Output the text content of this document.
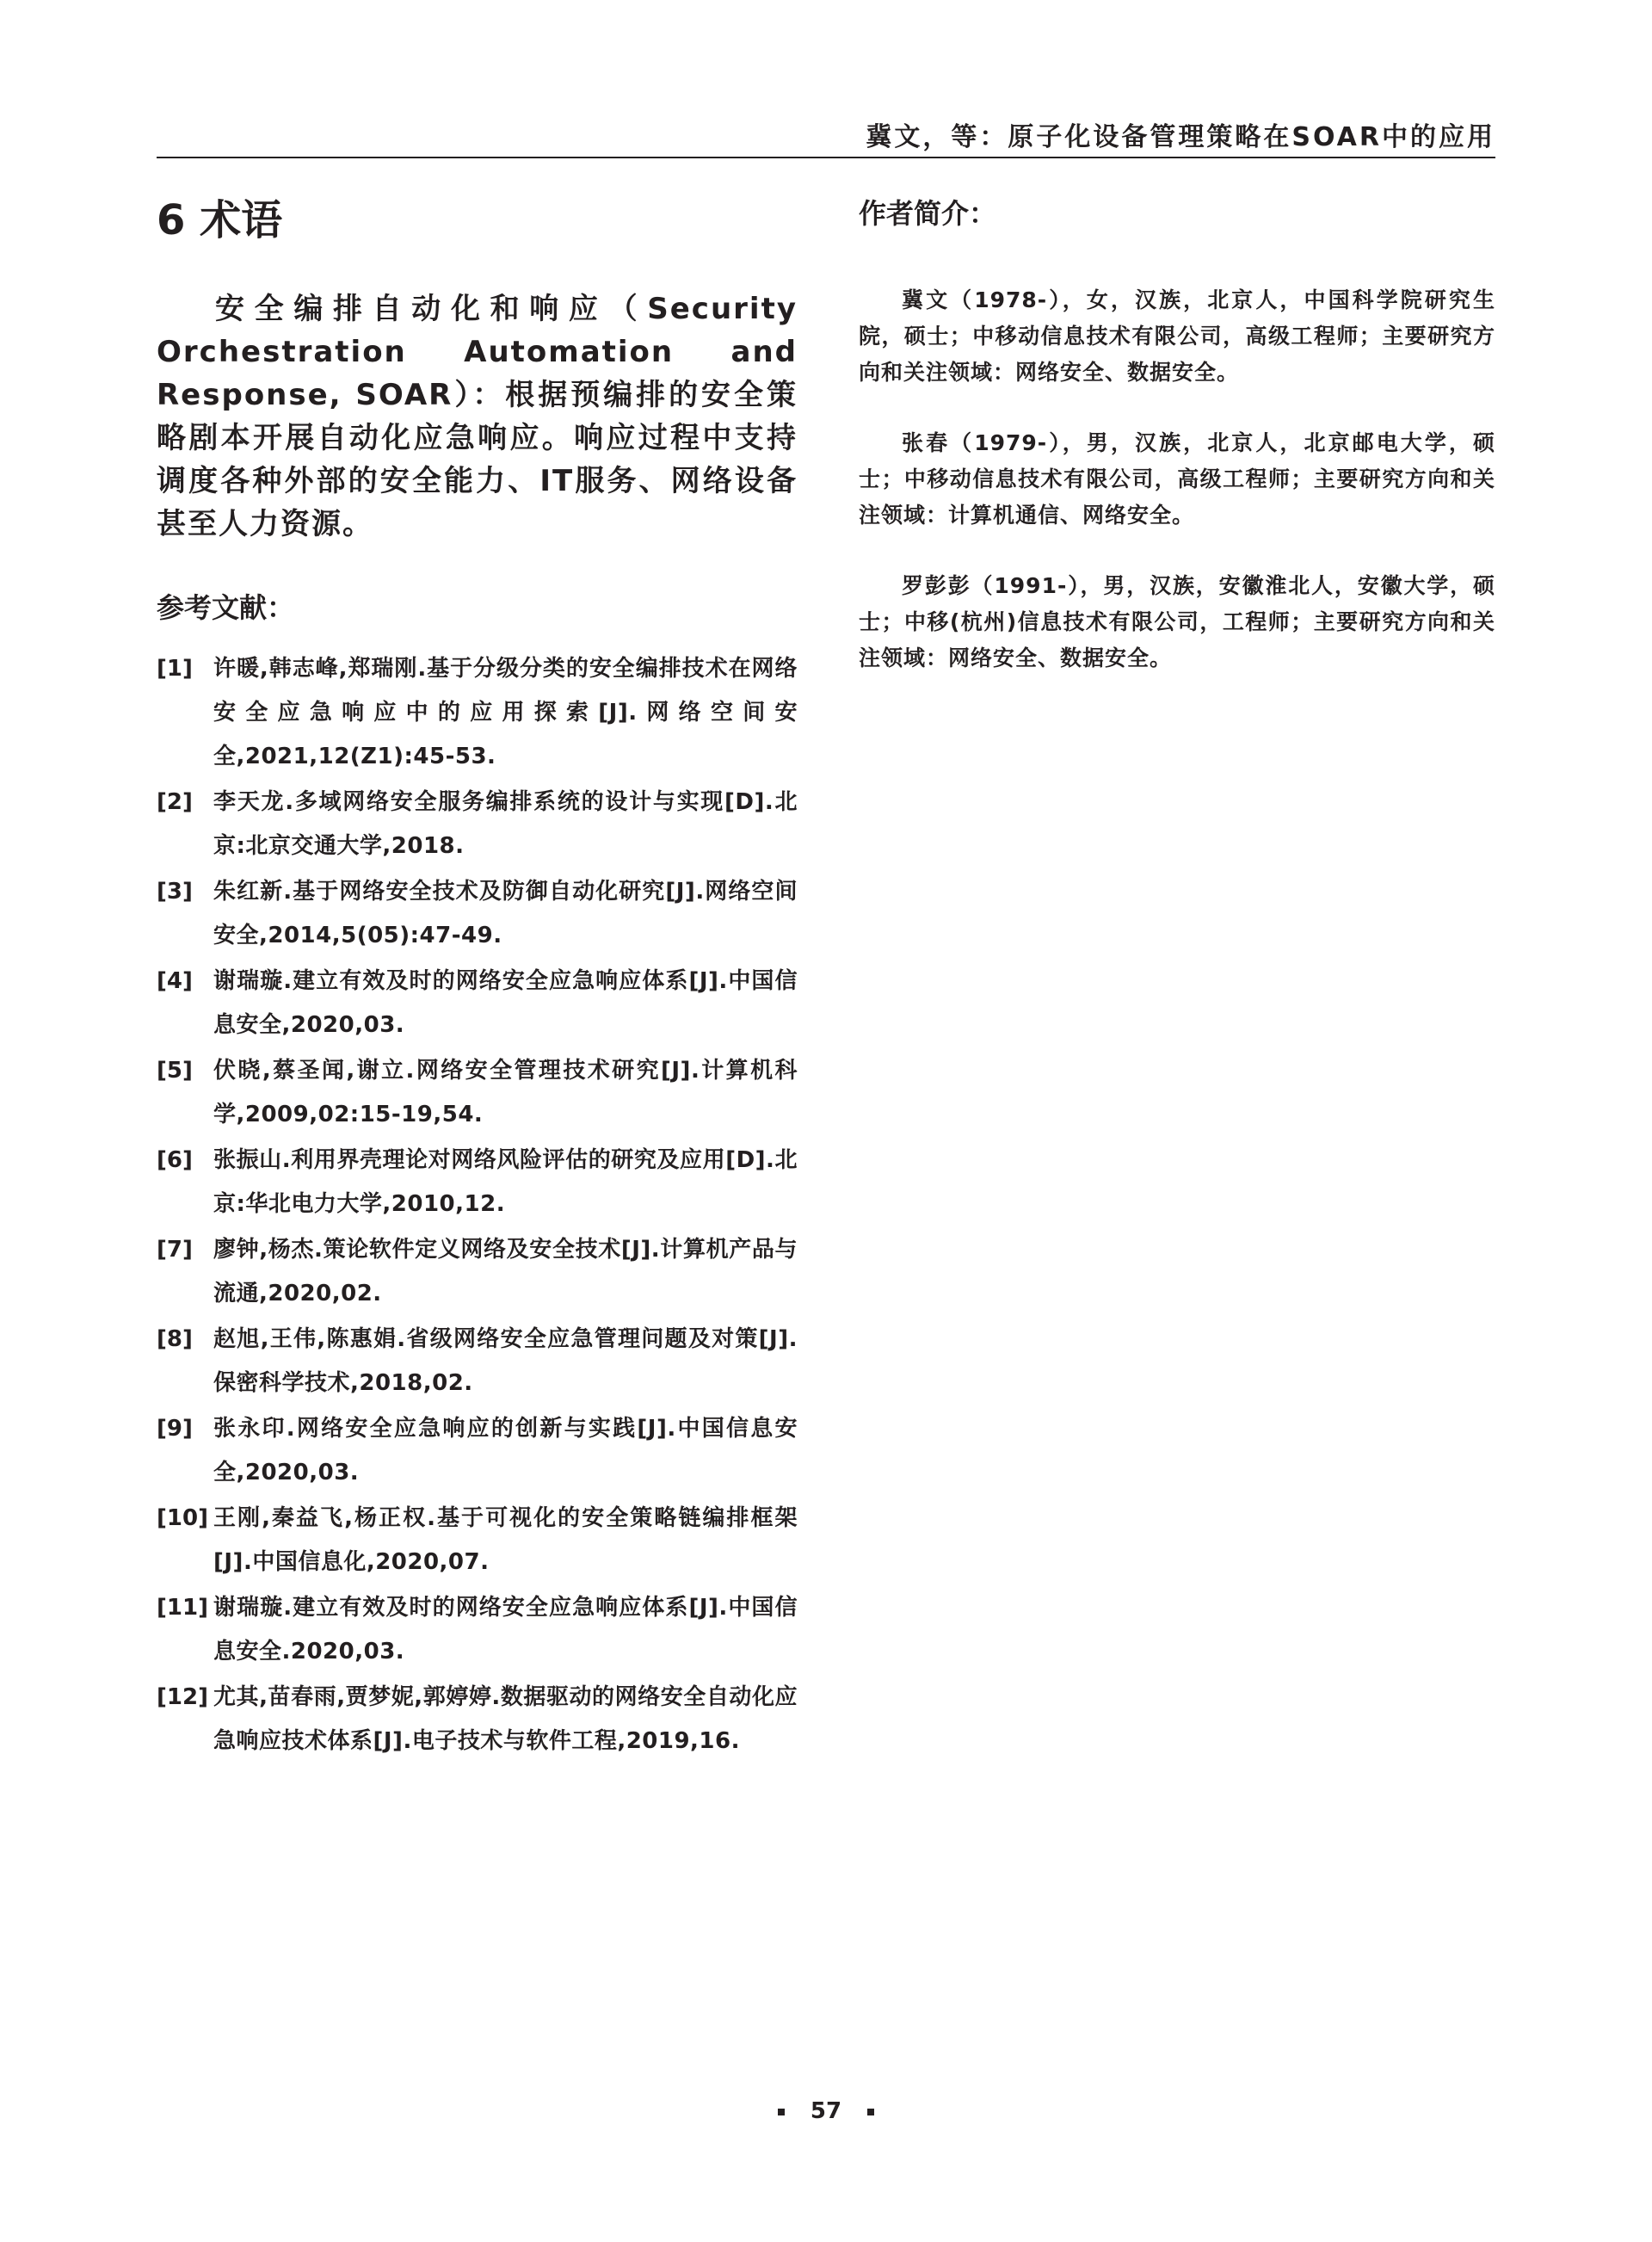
冀文，等：原子化设备管理策略在SOAR中的应用
6 术语

安全编排自动化和响应（Security Orchestration Automation and Response, SOAR）：根据预编排的安全策略剧本开展自动化应急响应。响应过程中支持调度各种外部的安全能力、IT服务、网络设备甚至人力资源。

参考文献：
[1] 许暖,韩志峰,郑瑞刚.基于分级分类的安全编排技术在网络安全应急响应中的应用探索[J].网络空间安全,2021,12(Z1):45-53.
[2] 李天龙.多域网络安全服务编排系统的设计与实现[D].北京:北京交通大学,2018.
[3] 朱红新.基于网络安全技术及防御自动化研究[J].网络空间安全,2014,5(05):47-49.
[4] 谢瑞璇.建立有效及时的网络安全应急响应体系[J].中国信息安全,2020,03.
[5] 伏晓,蔡圣闻,谢立.网络安全管理技术研究[J].计算机科学,2009,02:15-19,54.
[6] 张振山.利用界壳理论对网络风险评估的研究及应用[D].北京:华北电力大学,2010,12.
[7] 廖钟,杨杰.策论软件定义网络及安全技术[J].计算机产品与流通,2020,02.
[8] 赵旭,王伟,陈惠娟.省级网络安全应急管理问题及对策[J].保密科学技术,2018,02.
[9] 张永印.网络安全应急响应的创新与实践[J].中国信息安全,2020,03.
[10] 王刚,秦益飞,杨正权.基于可视化的安全策略链编排框架[J].中国信息化,2020,07.
[11] 谢瑞璇.建立有效及时的网络安全应急响应体系[J].中国信息安全.2020,03.
[12] 尤其,苗春雨,贾梦妮,郭婷婷.数据驱动的网络安全自动化应急响应技术体系[J].电子技术与软件工程,2019,16.
作者简介：

冀文（1978-），女，汉族，北京人，中国科学院研究生院，硕士；中移动信息技术有限公司，高级工程师；主要研究方向和关注领域：网络安全、数据安全。

张春（1979-），男，汉族，北京人，北京邮电大学，硕士；中移动信息技术有限公司，高级工程师；主要研究方向和关注领域：计算机通信、网络安全。

罗彭彭（1991-），男，汉族，安徽淮北人，安徽大学，硕士；中移(杭州)信息技术有限公司，工程师；主要研究方向和关注领域：网络安全、数据安全。

57
